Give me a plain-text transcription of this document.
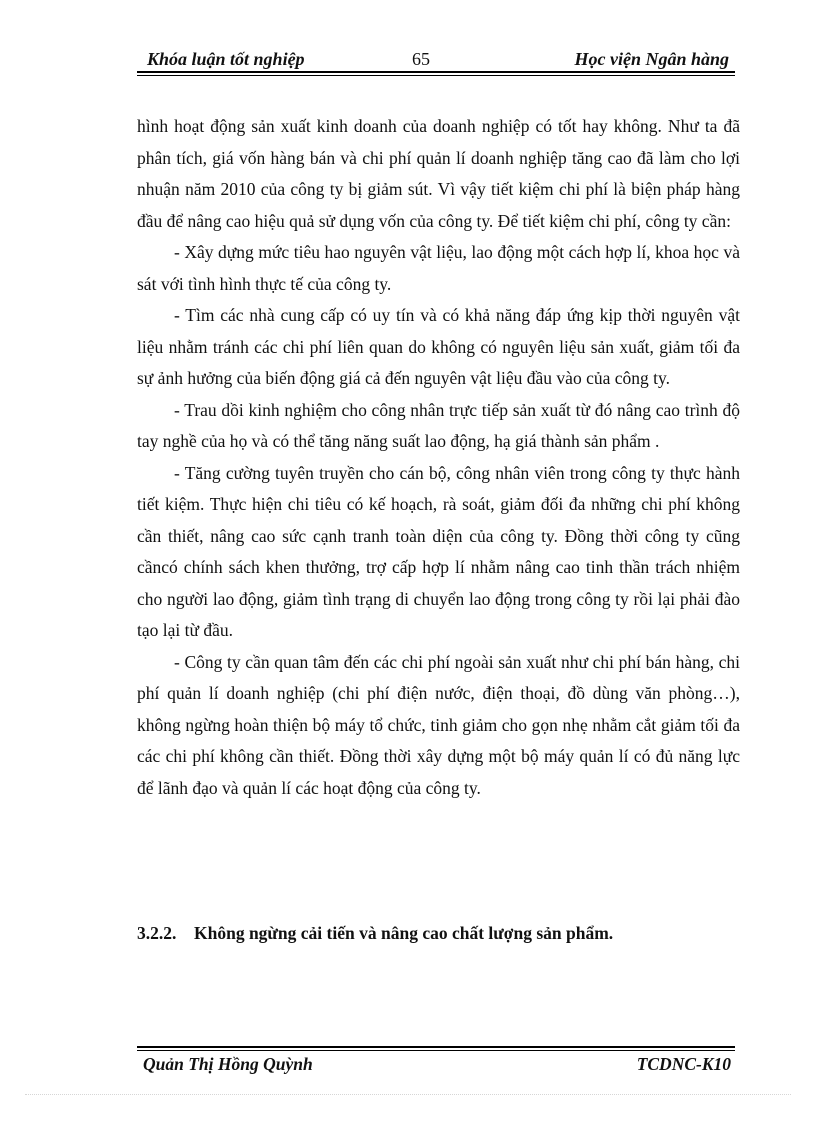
Khóa luận tốt nghiệp	65	Học viện Ngân hàng

hình hoạt động sản xuất kinh doanh của doanh nghiệp có tốt hay không. Như ta đã phân tích, giá vốn hàng bán và chi phí quản lí doanh nghiệp tăng cao đã làm cho lợi nhuận năm 2010 của công ty bị giảm sút. Vì vậy tiết kiệm chi phí là biện pháp hàng đầu để nâng cao hiệu quả sử dụng vốn của công ty. Để tiết kiệm chi phí, công ty cần:

- Xây dựng mức tiêu hao nguyên vật liệu, lao động một cách hợp lí, khoa học và sát với tình hình thực tế của công ty.

- Tìm các nhà cung cấp có uy tín và có khả năng đáp ứng kịp thời nguyên vật liệu nhằm tránh các chi phí liên quan do không có nguyên liệu sản xuất, giảm tối đa sự ảnh hưởng của biến động giá cả đến nguyên vật liệu đầu vào của công ty.

- Trau dồi kinh nghiệm cho công nhân trực tiếp sản xuất từ đó nâng cao trình độ tay nghề của họ và có thể tăng năng suất lao động, hạ giá thành sản phẩm .

- Tăng cường tuyên truyền cho cán bộ, công nhân viên trong công ty thực hành tiết kiệm. Thực hiện chi tiêu có kế hoạch, rà soát, giảm đối đa những chi phí không cần thiết, nâng cao sức cạnh tranh toàn diện của công ty. Đồng thời công ty cũng cầncó chính sách khen thưởng, trợ cấp hợp lí nhằm nâng cao tinh thần trách nhiệm cho người lao động, giảm tình trạng di chuyển lao động trong công ty rồi lại phải đào tạo lại từ đầu.

- Công ty cần quan tâm đến các chi phí ngoài sản xuất như chi phí bán hàng, chi phí quản lí doanh nghiệp (chi phí điện nước, điện thoại, đồ dùng văn phòng…), không ngừng hoàn thiện bộ máy tổ chức, tinh giảm cho gọn nhẹ nhằm cắt giảm tối đa các chi phí không cần thiết. Đồng thời xây dựng một bộ máy quản lí có đủ năng lực để lãnh đạo và quản lí các hoạt động của công ty.

3.2.2. Không ngừng cải tiến và nâng cao chất lượng sản phẩm.
Quản Thị Hồng Quỳnh	TCDNC-K10
